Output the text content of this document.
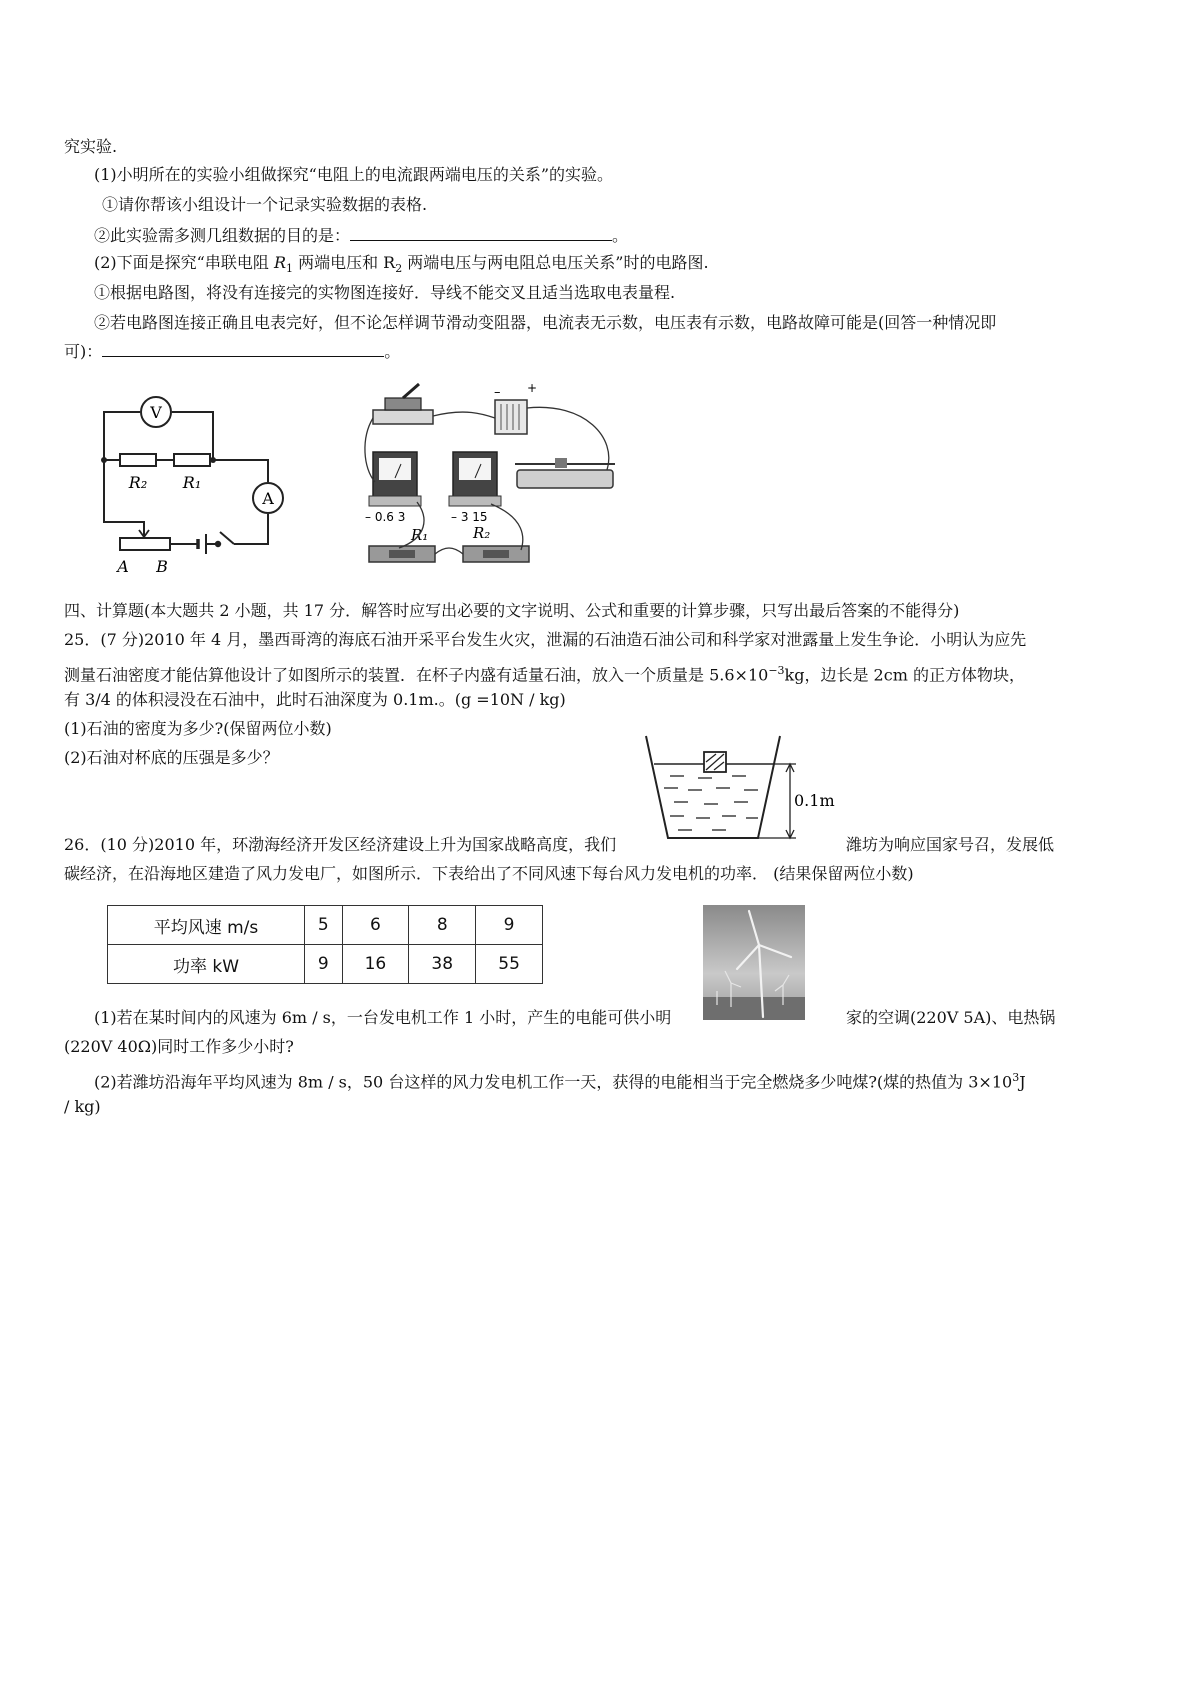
究实验.
(1)小明所在的实验小组做探究“电阻上的电流跟两端电压的关系”的实验。
①请你帮该小组设计一个记录实验数据的表格.
②此实验需多测几组数据的目的是：	。
(2)下面是探究“串联电阻 $R_1$ 两端电压和 $R_2$ 两端电压与两电阻总电压关系”时的电路图.
①根据电路图，将没有连接完的实物图连接好．导线不能交叉且适当选取电表量程.
②若电路图连接正确且电表完好，但不论怎样调节滑动变阻器，电流表无示数，电压表有示数，电路故障可能是(回答一种情况即
可)：	。
V
A
R₂ R₁
A B
– +
– 0.6 3	– 3 15
R₁	R₂
四、计算题(本大题共 2 小题，共 17 分．解答时应写出必要的文字说明、公式和重要的计算步骤，只写出最后答案的不能得分)
25．(7 分)2010 年 4 月，墨西哥湾的海底石油开采平台发生火灾，泄漏的石油造石油公司和科学家对泄露量上发生争论．小明认为应先
测量石油密度才能估算他设计了如图所示的装置．在杯子内盛有适量石油，放入一个质量是 $5.6\times 10^{-3}kg$，边长是 2cm 的正方体物块，
有 3/4 的体积浸没在石油中，此时石油深度为 0.1m.。(g =10N / kg)
(1)石油的密度为多少?(保留两位小数)
(2)石油对杯底的压强是多少？
0.1m
26．(10 分)2010 年，环渤海经济开发区经济建设上升为国家战略高度，我们	潍坊为响应国家号召，发展低
碳经济，在沿海地区建造了风力发电厂，如图所示．下表给出了不同风速下每台风力发电机的功率． (结果保留两位小数)
平均风速 m/s	5	6	8	9
功率 kW	9	16	38	55
(1)若在某时间内的风速为 6m / s，一台发电机工作 1 小时，产生的电能可供小明	家的空调(220V 5A)、电热锅
(220V 40Ω)同时工作多少小时?
(2)若潍坊沿海年平均风速为 8m / s，50 台这样的风力发电机工作一天，获得的电能相当于完全燃烧多少吨煤?(煤的热值为 $3\times 10^3J$
/ kg)
